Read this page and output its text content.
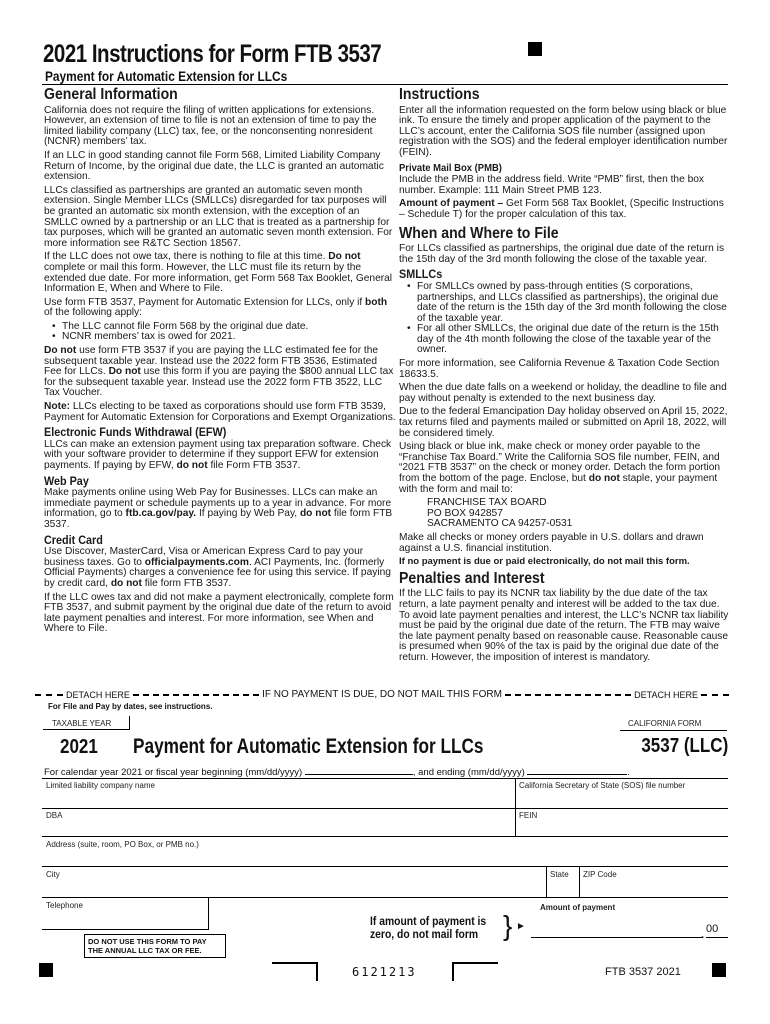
2021 Instructions for Form FTB 3537
Payment for Automatic Extension for LLCs
General Information

California does not require the filing of written applications for extensions. However, an extension of time to file is not an extension of time to pay the limited liability company (LLC) tax, fee, or the nonconsenting nonresident (NCNR) members’ tax.

If an LLC in good standing cannot file Form 568, Limited Liability Company Return of Income, by the original due date, the LLC is granted an automatic extension.

LLCs classified as partnerships are granted an automatic seven month extension. Single Member LLCs (SMLLCs) disregarded for tax purposes will be granted an automatic six month extension, with the exception of an SMLLC owned by a partnership or an LLC that is treated as a partnership for tax purposes, which will be granted an automatic seven month extension. For more information see R&TC Section 18567.

If the LLC does not owe tax, there is nothing to file at this time. Do not complete or mail this form. However, the LLC must file its return by the extended due date. For more information, get Form 568 Tax Booklet, General Information E, When and Where to File.

Use form FTB 3537, Payment for Automatic Extension for LLCs, only if both of the following apply:

• The LLC cannot file Form 568 by the original due date.
• NCNR members’ tax is owed for 2021.

Do not use form FTB 3537 if you are paying the LLC estimated fee for the subsequent taxable year. Instead use the 2022 form FTB 3536, Estimated Fee for LLCs. Do not use this form if you are paying the $800 annual LLC tax for the subsequent taxable year. Instead use the 2022 form FTB 3522, LLC Tax Voucher.

Note: LLCs electing to be taxed as corporations should use form FTB 3539, Payment for Automatic Extension for Corporations and Exempt Organizations.

Electronic Funds Withdrawal (EFW)

LLCs can make an extension payment using tax preparation software. Check with your software provider to determine if they support EFW for extension payments. If paying by EFW, do not file Form FTB 3537.

Web Pay

Make payments online using Web Pay for Businesses. LLCs can make an immediate payment or schedule payments up to a year in advance. For more information, go to ftb.ca.gov/pay. If paying by Web Pay, do not file form FTB 3537.

Credit Card

Use Discover, MasterCard, Visa or American Express Card to pay your business taxes. Go to officialpayments.com. ACI Payments, Inc. (formerly Official Payments) charges a convenience fee for using this service. If paying by credit card, do not file form FTB 3537.

If the LLC owes tax and did not make a payment electronically, complete form FTB 3537, and submit payment by the original due date of the return to avoid late payment penalties and interest. For more information, see When and Where to File.

Instructions

Enter all the information requested on the form below using black or blue ink. To ensure the timely and proper application of the payment to the LLC’s account, enter the California SOS file number (assigned upon registration with the SOS) and the federal employer identification number (FEIN).

Private Mail Box (PMB)

Include the PMB in the address field. Write “PMB” first, then the box number. Example: 111 Main Street PMB 123.

Amount of payment – Get Form 568 Tax Booklet, (Specific Instructions – Schedule T) for the proper calculation of this tax.

When and Where to File

For LLCs classified as partnerships, the original due date of the return is the 15th day of the 3rd month following the close of the taxable year.

SMLLCs
• For SMLLCs owned by pass-through entities (S corporations, partnerships, and LLCs classified as partnerships), the original due date of the return is the 15th day of the 3rd month following the close of the taxable year.
• For all other SMLLCs, the original due date of the return is the 15th day of the 4th month following the close of the taxable year of the owner.

For more information, see California Revenue & Taxation Code Section 18633.5.

When the due date falls on a weekend or holiday, the deadline to file and pay without penalty is extended to the next business day.

Due to the federal Emancipation Day holiday observed on April 15, 2022, tax returns filed and payments mailed or submitted on April 18, 2022, will be considered timely.

Using black or blue ink, make check or money order payable to the “Franchise Tax Board.” Write the California SOS file number, FEIN, and “2021 FTB 3537” on the check or money order. Detach the form portion from the bottom of the page. Enclose, but do not staple, your payment with the form and mail to:

FRANCHISE TAX BOARD
PO BOX 942857
SACRAMENTO CA 94257-0531

Make all checks or money orders payable in U.S. dollars and drawn against a U.S. financial institution.

If no payment is due or paid electronically, do not mail this form.

Penalties and Interest

If the LLC fails to pay its NCNR tax liability by the due date of the tax return, a late payment penalty and interest will be added to the tax due. To avoid late payment penalties and interest, the LLC’s NCNR tax liability must be paid by the original due date of the return. The FTB may waive the late payment penalty based on reasonable cause. Reasonable cause is presumed when 90% of the tax is paid by the original due date of the return. However, the imposition of interest is mandatory.

DETACH HERE	IF NO PAYMENT IS DUE, DO NOT MAIL THIS FORM	DETACH HERE
For File and Pay by dates, see instructions.
TAXABLE YEAR	CALIFORNIA FORM
2021 Payment for Automatic Extension for LLCs	3537 (LLC)
For calendar year 2021 or fiscal year beginning (mm/dd/yyyy)	, and ending (mm/dd/yyyy)	.
Limited liability company name	California Secretary of State (SOS) file number
DBA	FEIN
Address (suite, room, PO Box, or PMB no.)
City	State ZIP Code
Telephone	Amount of payment
DO NOT USE THIS FORM TO PAY
THE ANNUAL LLC TAX OR FEE.
If amount of payment is
zero, do not mail form } ►
. 00
6121213	FTB 3537 2021
